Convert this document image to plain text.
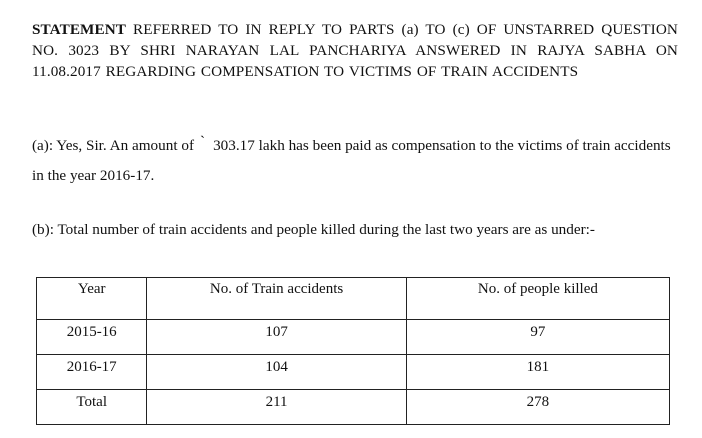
STATEMENT REFERRED TO IN REPLY TO PARTS (a) TO (c) OF UNSTARRED QUESTION NO. 3023 BY SHRI NARAYAN LAL PANCHARIYA ANSWERED IN RAJYA SABHA ON 11.08.2017 REGARDING COMPENSATION TO VICTIMS OF TRAIN ACCIDENTS
(a): Yes, Sir. An amount of ` 303.17 lakh has been paid as compensation to the victims of train accidents in the year 2016-17.
(b): Total number of train accidents and people killed during the last two years are as under:-
Year	No. of Train accidents	No. of people killed
2015-16	107	97
2016-17	104	181
Total	211	278
